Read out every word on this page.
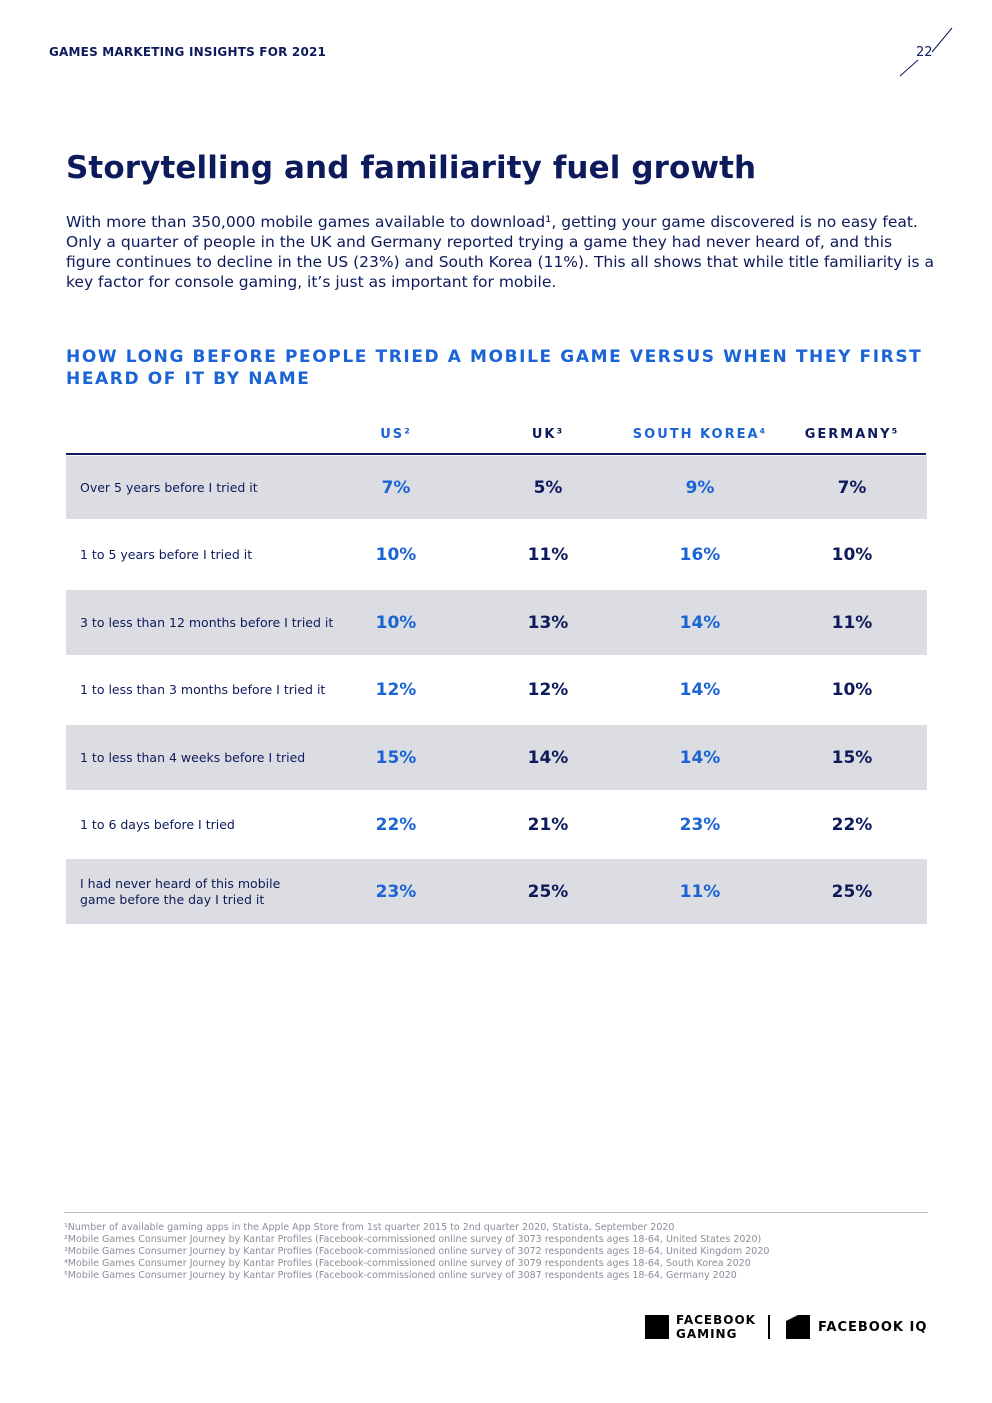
GAMES MARKETING INSIGHTS FOR 2021	22
Storytelling and familiarity fuel growth

With more than 350,000 mobile games available to download¹, getting your game discovered is no easy feat. Only a quarter of people in the UK and Germany reported trying a game they had never heard of, and this figure continues to decline in the US (23%) and South Korea (11%). This all shows that while title familiarity is a key factor for console gaming, it’s just as important for mobile.

HOW LONG BEFORE PEOPLE TRIED A MOBILE GAME VERSUS WHEN THEY FIRST HEARD OF IT BY NAME
US²	UK³	SOUTH KOREA⁴	GERMANY⁵
Over 5 years before I tried it	7%	5%	9%	7%
1 to 5 years before I tried it	10%	11%	16%	10%
3 to less than 12 months before I tried it	10%	13%	14%	11%
1 to less than 3 months before I tried it	12%	12%	14%	10%
1 to less than 4 weeks before I tried	15%	14%	14%	15%
1 to 6 days before I tried	22%	21%	23%	22%
I had never heard of this mobile game before the day I tried it	23%	25%	11%	25%
¹Number of available gaming apps in the Apple App Store from 1st quarter 2015 to 2nd quarter 2020, Statista, September 2020
²Mobile Games Consumer Journey by Kantar Profiles (Facebook-commissioned online survey of 3073 respondents ages 18-64, United States 2020)
³Mobile Games Consumer Journey by Kantar Profiles (Facebook-commissioned online survey of 3072 respondents ages 18-64, United Kingdom 2020
⁴Mobile Games Consumer Journey by Kantar Profiles (Facebook-commissioned online survey of 3079 respondents ages 18-64, South Korea 2020
⁵Mobile Games Consumer Journey by Kantar Profiles (Facebook-commissioned online survey of 3087 respondents ages 18-64, Germany 2020
FACEBOOK
GAMING	FACEBOOK IQ
